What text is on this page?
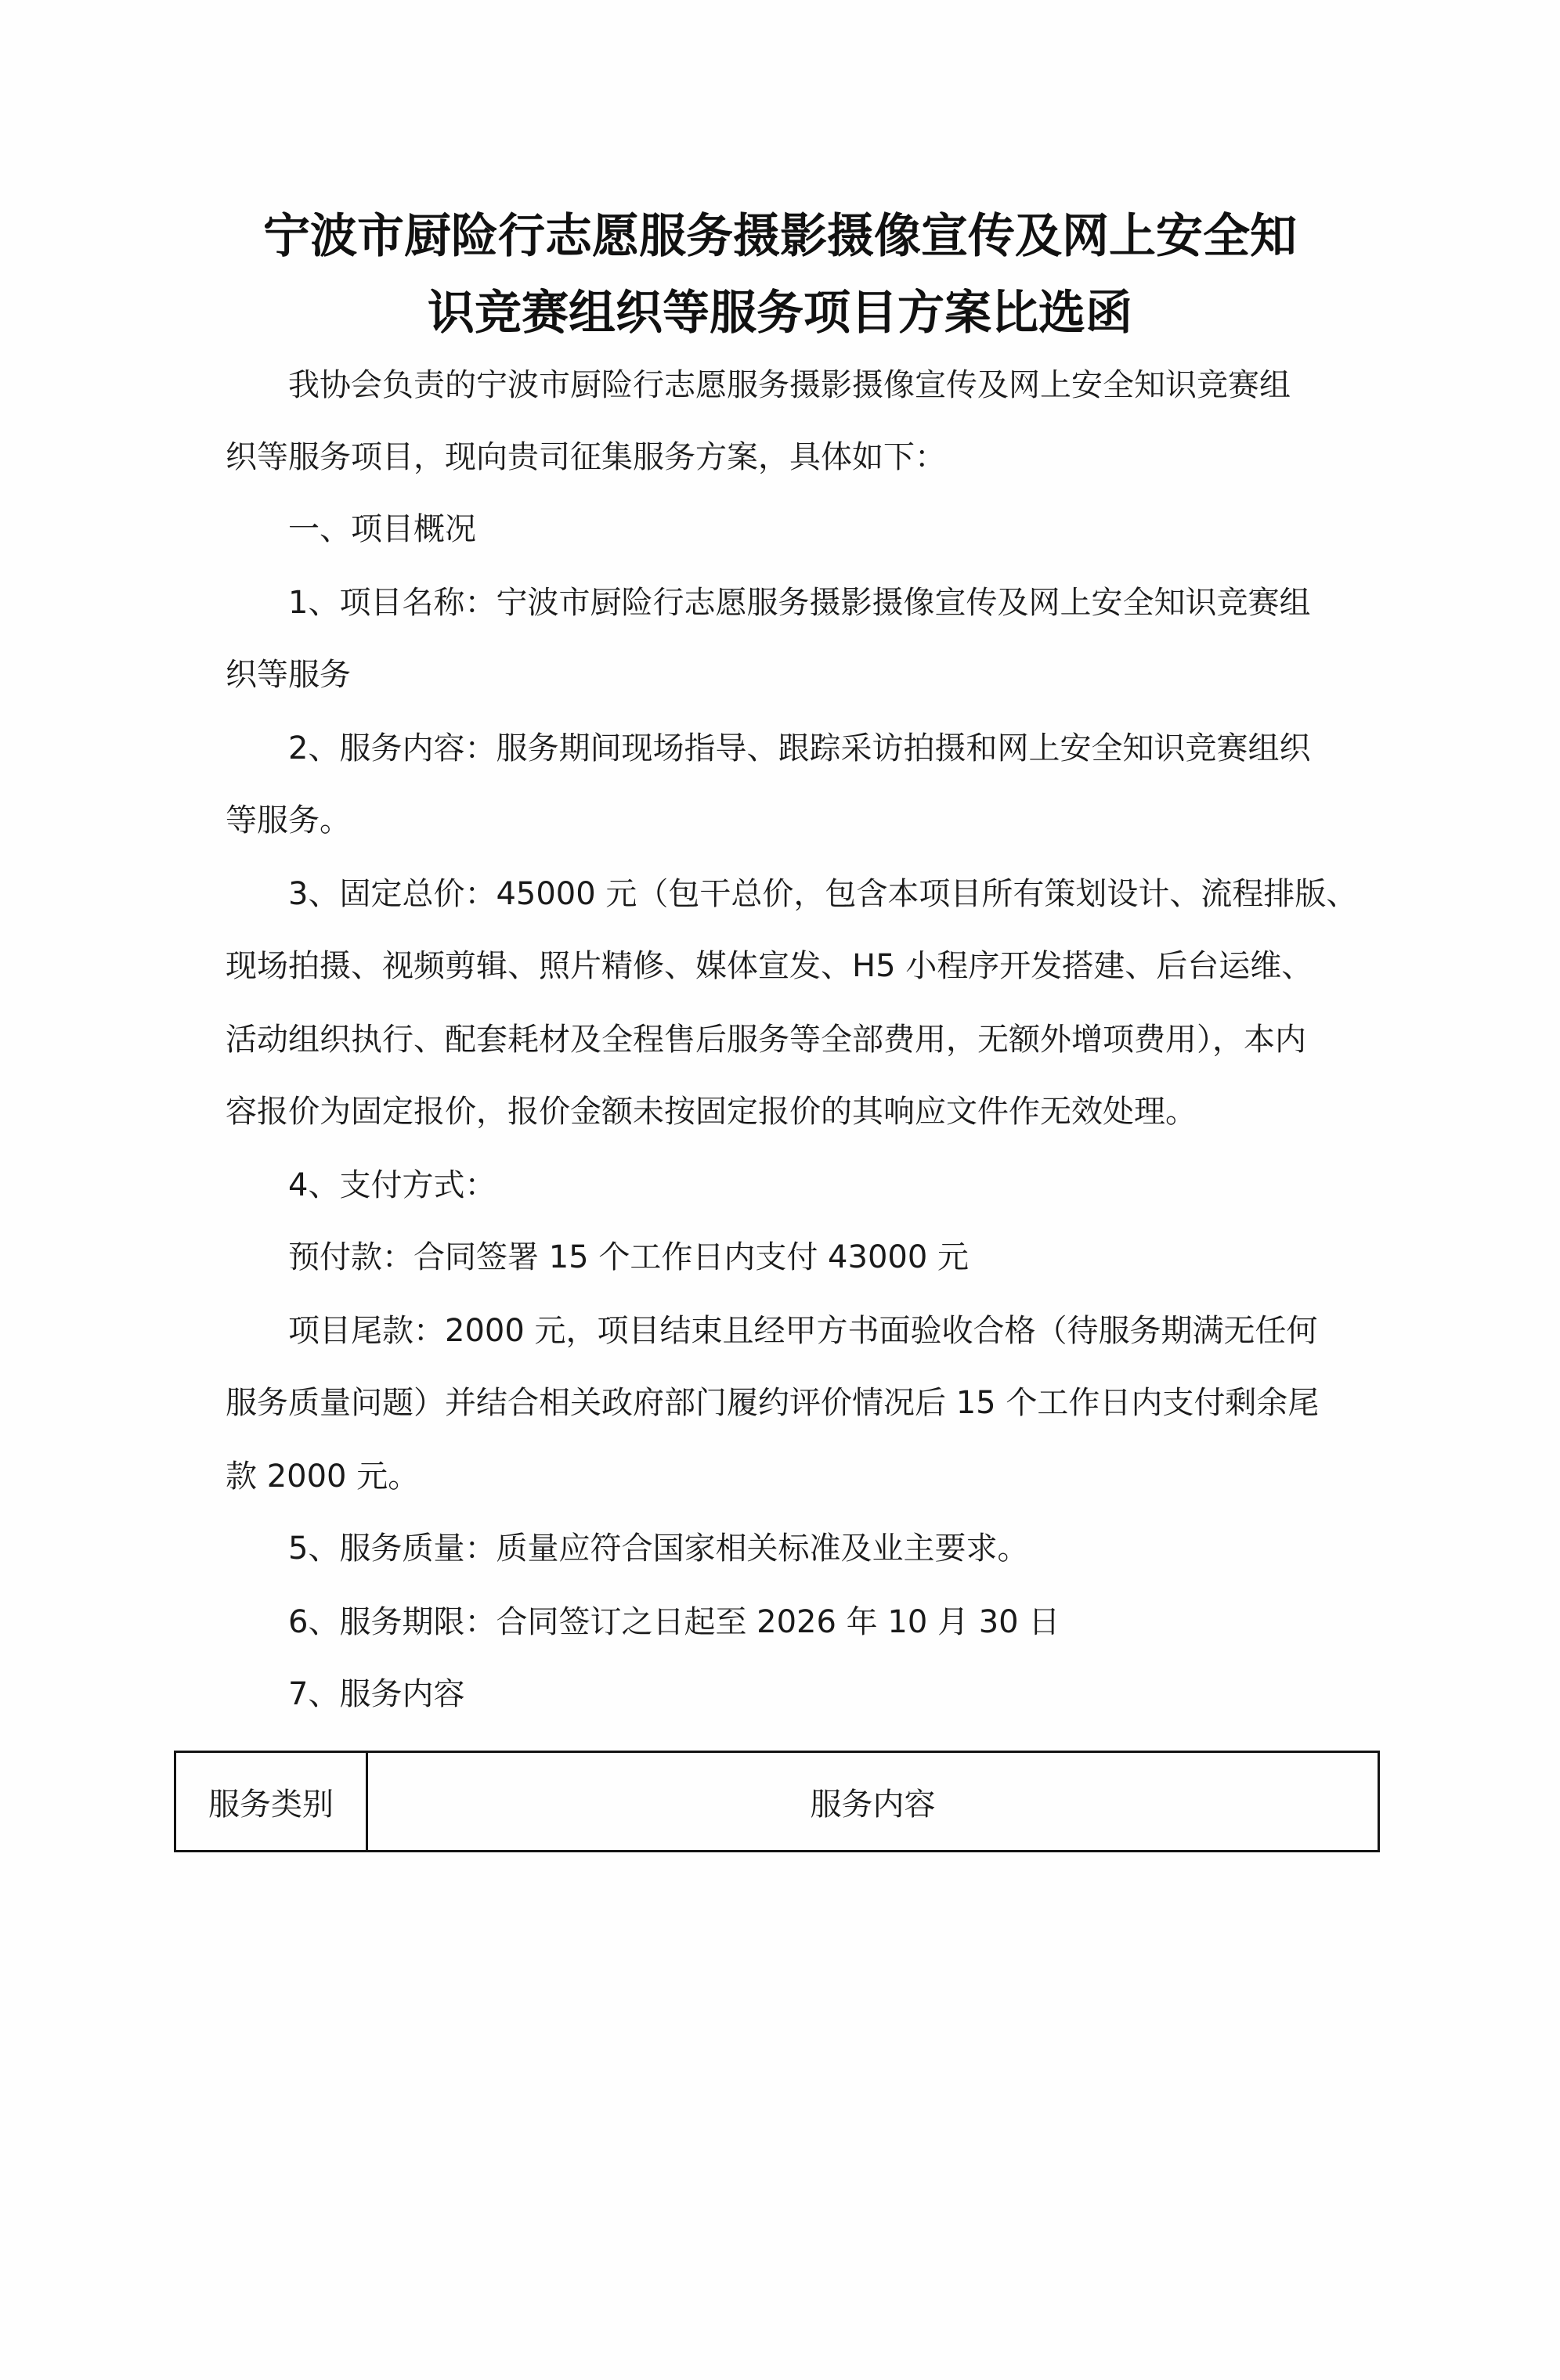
宁波市厨险行志愿服务摄影摄像宣传及网上安全知
识竞赛组织等服务项目方案比选函
我协会负责的宁波市厨险行志愿服务摄影摄像宣传及网上安全知识竞赛组
织等服务项目，现向贵司征集服务方案，具体如下：
一、项目概况
1、项目名称：宁波市厨险行志愿服务摄影摄像宣传及网上安全知识竞赛组
织等服务
2、服务内容：服务期间现场指导、跟踪采访拍摄和网上安全知识竞赛组织
等服务。
3、固定总价：45000 元（包干总价，包含本项目所有策划设计、流程排版、
现场拍摄、视频剪辑、照片精修、媒体宣发、H5 小程序开发搭建、后台运维、
活动组织执行、配套耗材及全程售后服务等全部费用，无额外增项费用），本内
容报价为固定报价，报价金额未按固定报价的其响应文件作无效处理。
4、支付方式：
预付款：合同签署 15 个工作日内支付 43000 元
项目尾款：2000 元，项目结束且经甲方书面验收合格（待服务期满无任何
服务质量问题）并结合相关政府部门履约评价情况后 15 个工作日内支付剩余尾
款 2000 元。
5、服务质量：质量应符合国家相关标准及业主要求。
6、服务期限：合同签订之日起至 2026 年 10 月 30 日
7、服务内容
服务类别	服务内容
